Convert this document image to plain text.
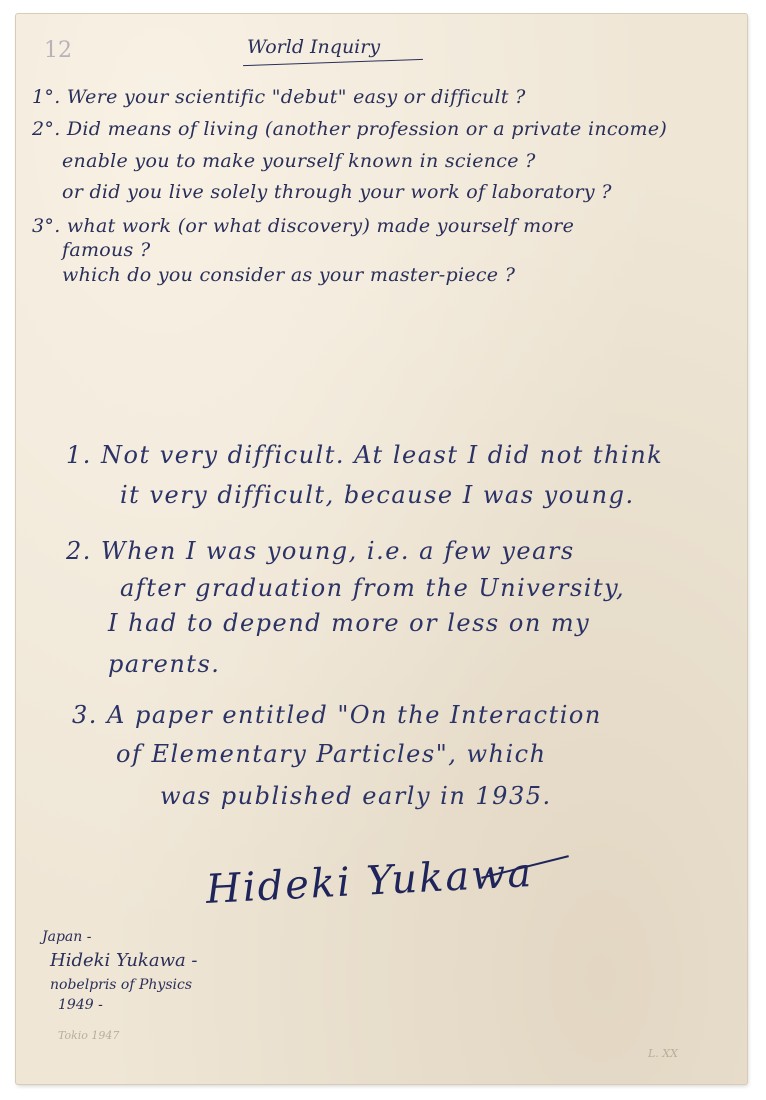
12	World Inquiry

1°. Were your scientific "debut" easy or difficult ?

2°. Did means of living (another profession or a private income)

enable you to make yourself known in science ?

or did you live solely through your work of laboratory ?

3°. what work (or what discovery) made yourself more

famous ?

which do you consider as your master-piece ?

1. Not very difficult. At least I did not think

it very difficult, because I was young.

2. When I was young, i.e. a few years

after graduation from the University,

I had to depend more or less on my

parents.

3. A paper entitled "On the Interaction

of Elementary Particles", which

was published early in 1935.

Hideki Yukawa

Japan -

Hideki Yukawa -

nobelpris of Physics

1949 -

Tokio 1947

L. XX
